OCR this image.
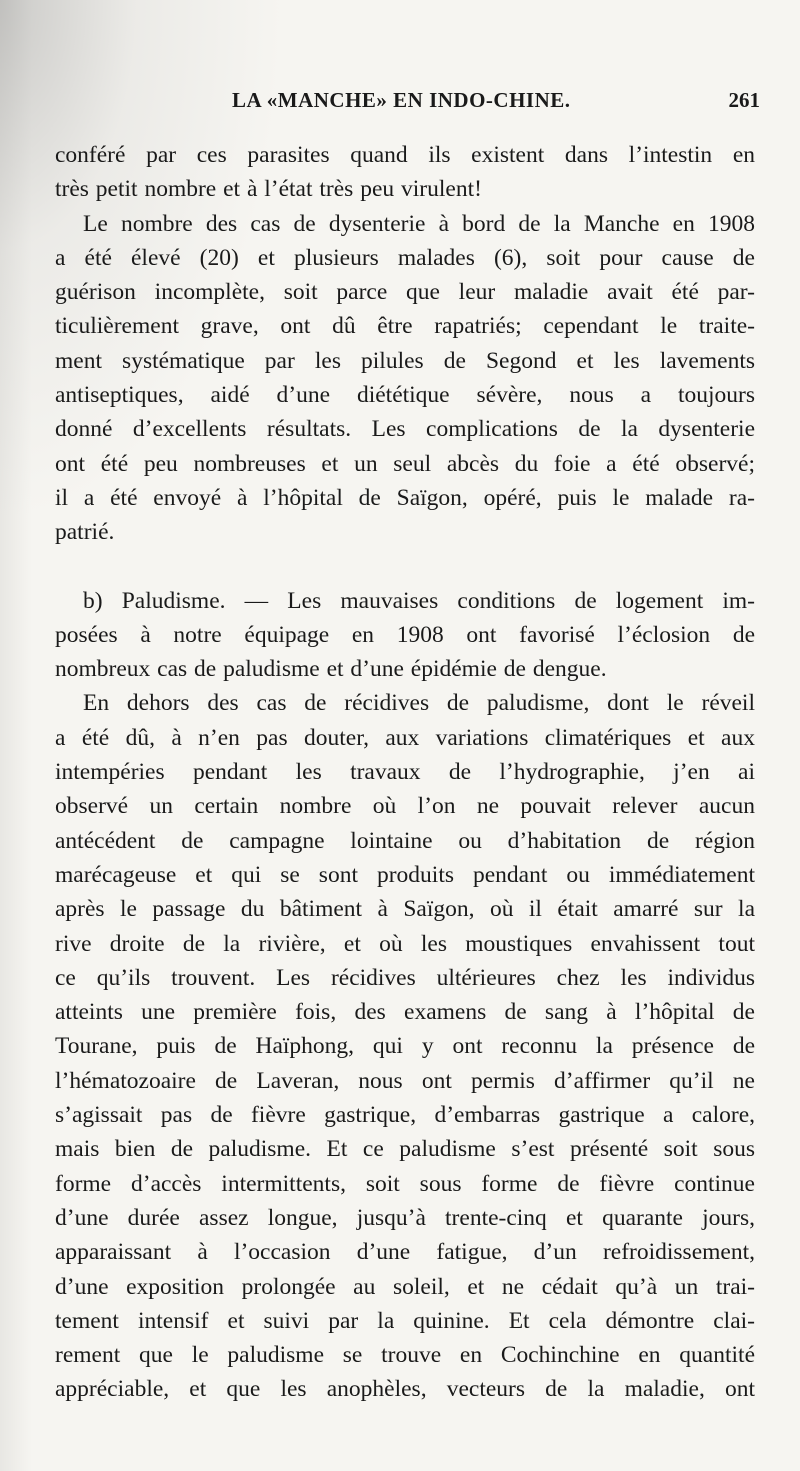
LA «MANCHE» EN INDO-CHINE.	261
conféré par ces parasites quand ils existent dans l’intestin en
très petit nombre et à l’état très peu virulent!
Le nombre des cas de dysenterie à bord de la Manche en 1908
a été élevé (20) et plusieurs malades (6), soit pour cause de
guérison incomplète, soit parce que leur maladie avait été par-
ticulièrement grave, ont dû être rapatriés; cependant le traite-
ment systématique par les pilules de Segond et les lavements
antiseptiques, aidé d’une diététique sévère, nous a toujours
donné d’excellents résultats. Les complications de la dysenterie
ont été peu nombreuses et un seul abcès du foie a été observé;
il a été envoyé à l’hôpital de Saïgon, opéré, puis le malade ra-
patrié.
b) Paludisme. — Les mauvaises conditions de logement im-
posées à notre équipage en 1908 ont favorisé l’éclosion de
nombreux cas de paludisme et d’une épidémie de dengue.
En dehors des cas de récidives de paludisme, dont le réveil
a été dû, à n’en pas douter, aux variations climatériques et aux
intempéries pendant les travaux de l’hydrographie, j’en ai
observé un certain nombre où l’on ne pouvait relever aucun
antécédent de campagne lointaine ou d’habitation de région
marécageuse et qui se sont produits pendant ou immédiatement
après le passage du bâtiment à Saïgon, où il était amarré sur la
rive droite de la rivière, et où les moustiques envahissent tout
ce qu’ils trouvent. Les récidives ultérieures chez les individus
atteints une première fois, des examens de sang à l’hôpital de
Tourane, puis de Haïphong, qui y ont reconnu la présence de
l’hématozoaire de Laveran, nous ont permis d’affirmer qu’il ne
s’agissait pas de fièvre gastrique, d’embarras gastrique a calore,
mais bien de paludisme. Et ce paludisme s’est présenté soit sous
forme d’accès intermittents, soit sous forme de fièvre continue
d’une durée assez longue, jusqu’à trente-cinq et quarante jours,
apparaissant à l’occasion d’une fatigue, d’un refroidissement,
d’une exposition prolongée au soleil, et ne cédait qu’à un trai-
tement intensif et suivi par la quinine. Et cela démontre clai-
rement que le paludisme se trouve en Cochinchine en quantité
appréciable, et que les anophèles, vecteurs de la maladie, ont
